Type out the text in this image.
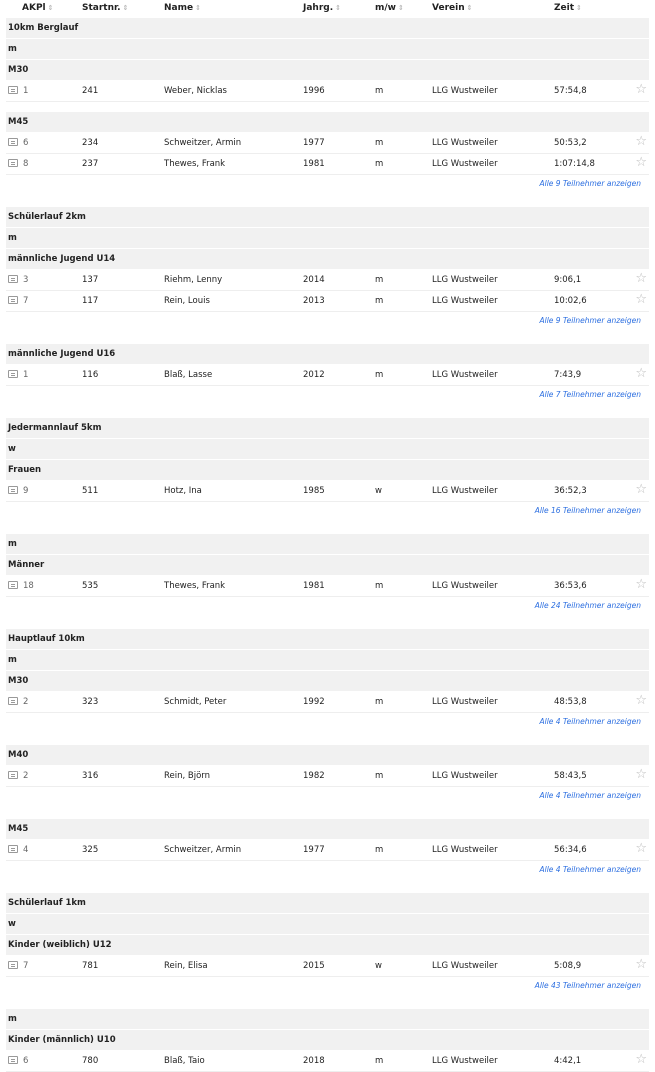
AKPl ⇕	Startnr. ⇕	Name ⇕	Jahrg. ⇕	m/w ⇕	Verein ⇕	Zeit ⇕
10km Berglauf
m
M30
1	241	Weber, Nicklas	1996	m	LLG Wustweiler	57:54,8	☆
M45
6	234	Schweitzer, Armin	1977	m	LLG Wustweiler	50:53,2	☆
8	237	Thewes, Frank	1981	m	LLG Wustweiler	1:07:14,8	☆
Alle 9 Teilnehmer anzeigen
Schülerlauf 2km
m
männliche Jugend U14
3	137	Riehm, Lenny	2014	m	LLG Wustweiler	9:06,1	☆
7	117	Rein, Louis	2013	m	LLG Wustweiler	10:02,6	☆
Alle 9 Teilnehmer anzeigen
männliche Jugend U16
1	116	Blaß, Lasse	2012	m	LLG Wustweiler	7:43,9	☆
Alle 7 Teilnehmer anzeigen
Jedermannlauf 5km
w
Frauen
9	511	Hotz, Ina	1985	w	LLG Wustweiler	36:52,3	☆
Alle 16 Teilnehmer anzeigen
m
Männer
18	535	Thewes, Frank	1981	m	LLG Wustweiler	36:53,6	☆
Alle 24 Teilnehmer anzeigen
Hauptlauf 10km
m
M30
2	323	Schmidt, Peter	1992	m	LLG Wustweiler	48:53,8	☆
Alle 4 Teilnehmer anzeigen
M40
2	316	Rein, Björn	1982	m	LLG Wustweiler	58:43,5	☆
Alle 4 Teilnehmer anzeigen
M45
4	325	Schweitzer, Armin	1977	m	LLG Wustweiler	56:34,6	☆
Alle 4 Teilnehmer anzeigen
Schülerlauf 1km
w
Kinder (weiblich) U12
7	781	Rein, Elisa	2015	w	LLG Wustweiler	5:08,9	☆
Alle 43 Teilnehmer anzeigen
m
Kinder (männlich) U10
6	780	Blaß, Taio	2018	m	LLG Wustweiler	4:42,1	☆
